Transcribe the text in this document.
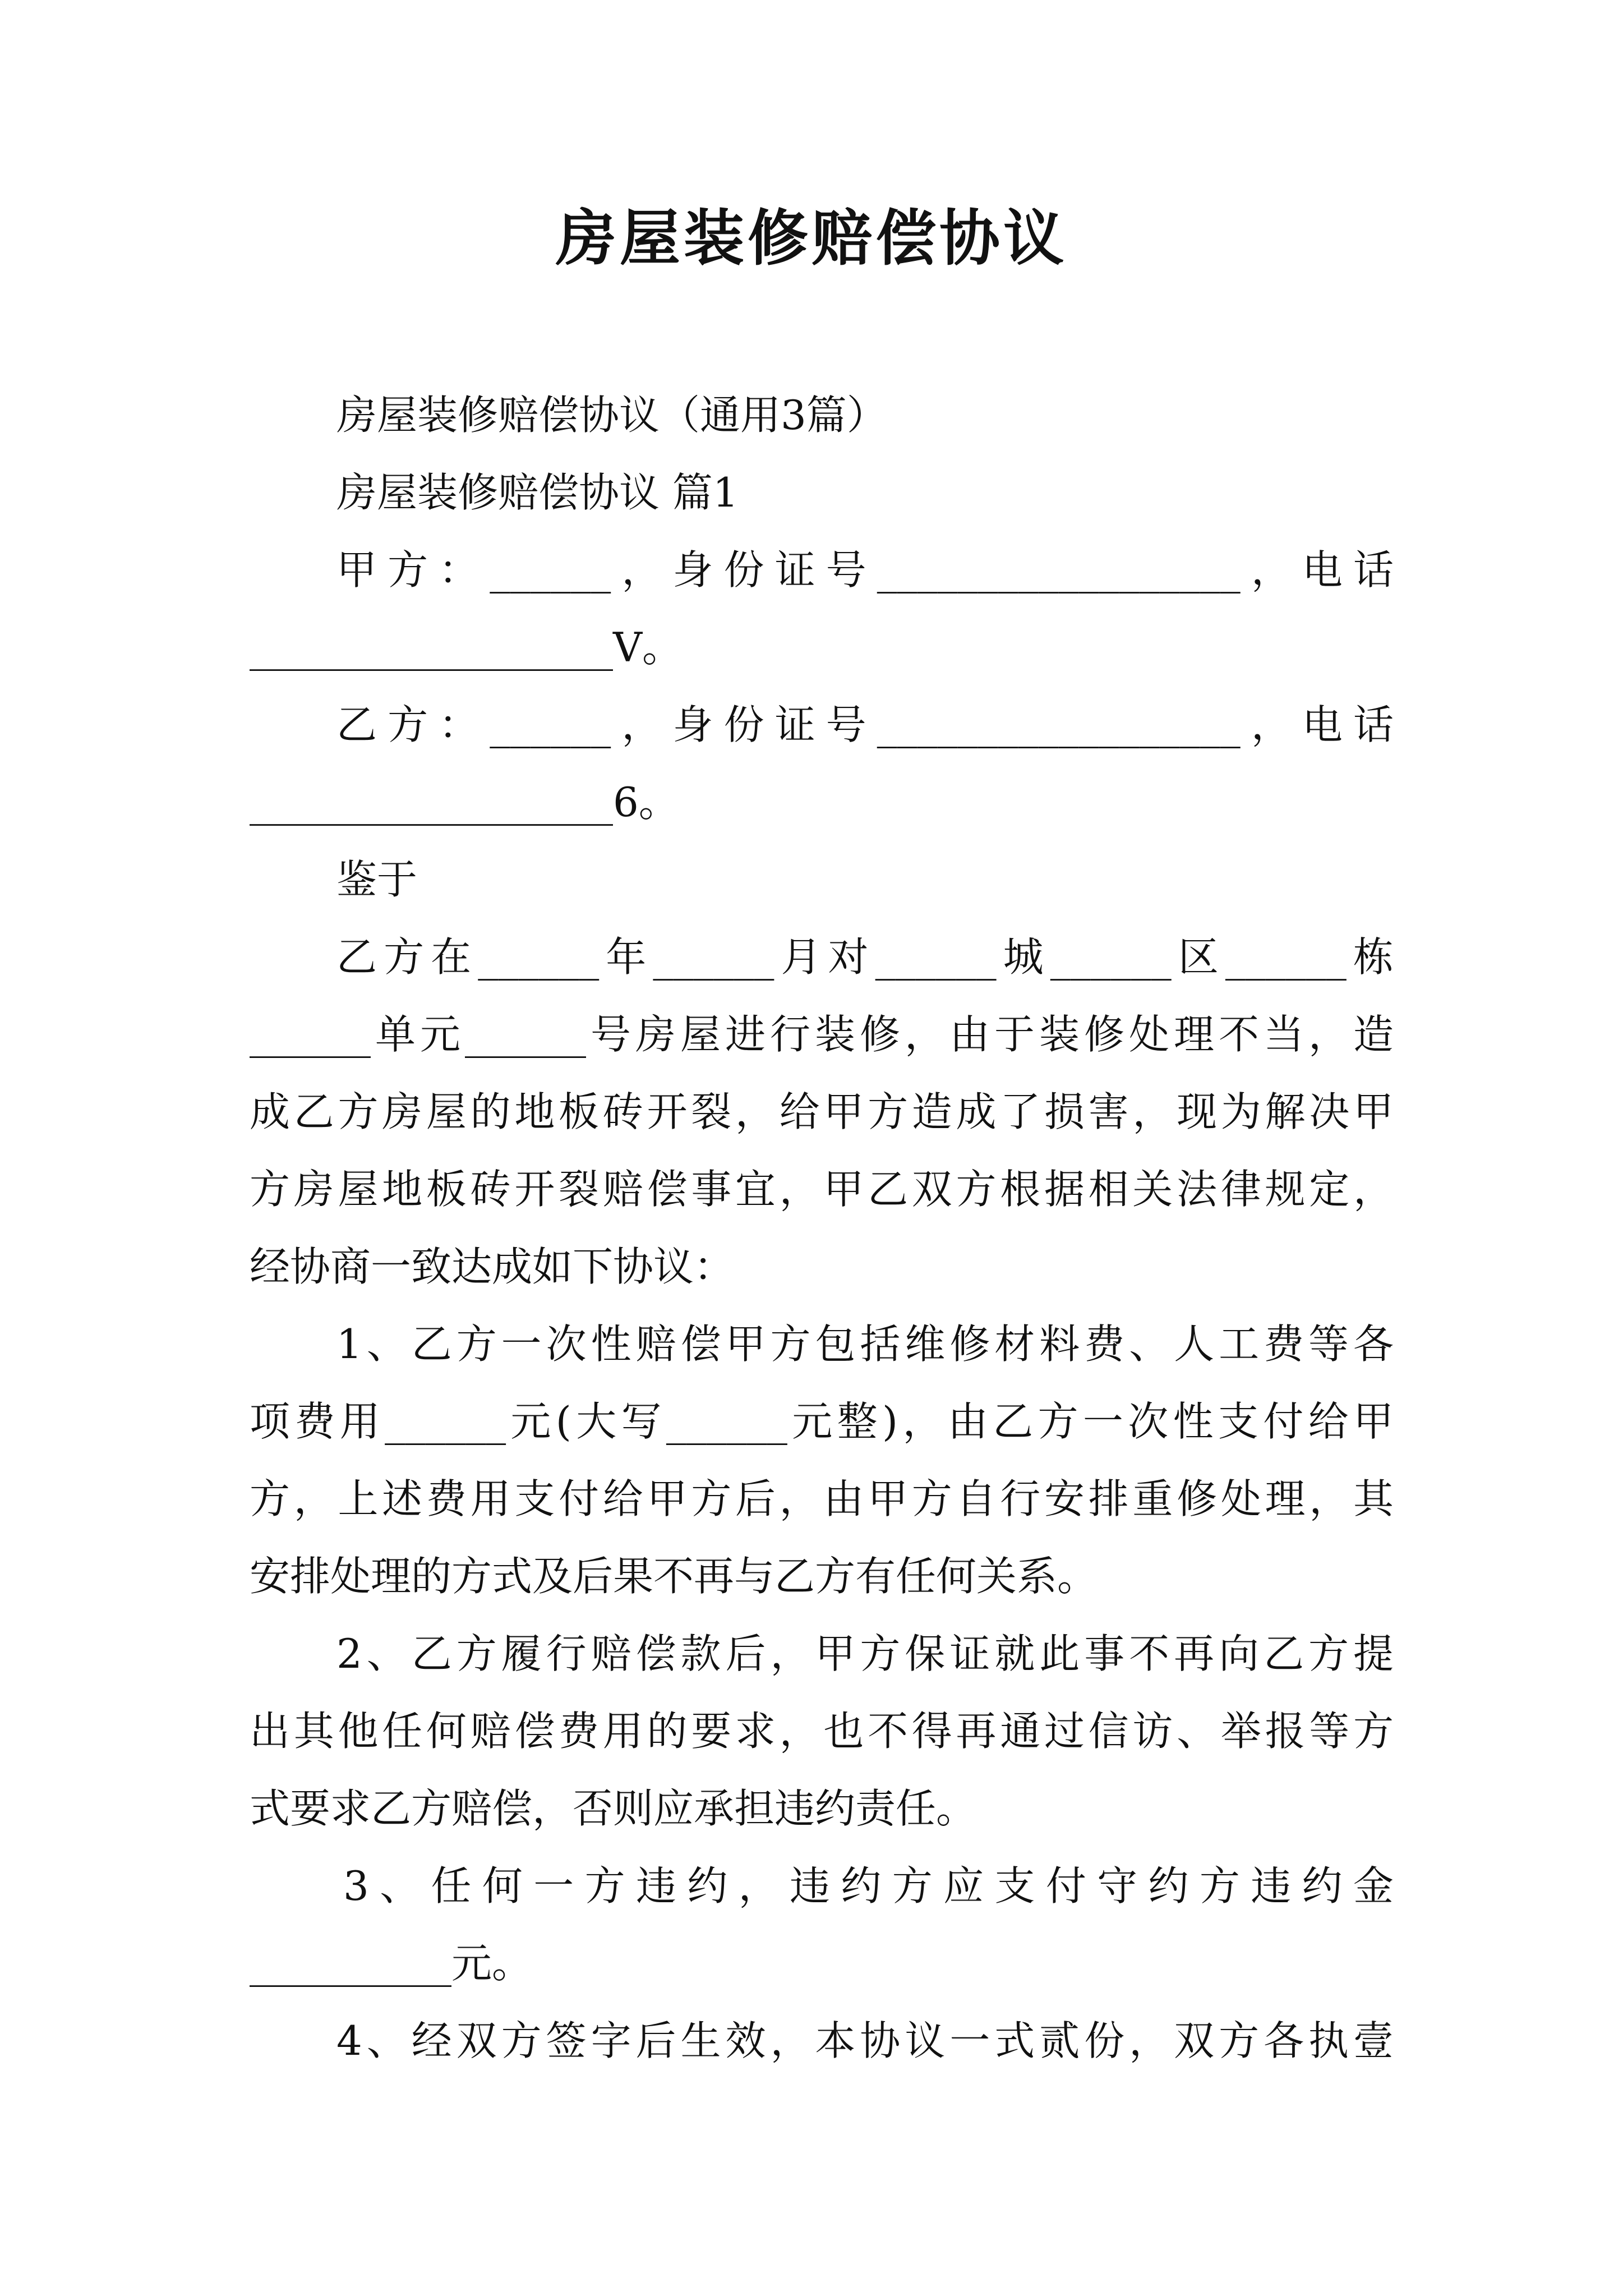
房屋装修赔偿协议
房屋装修赔偿协议（通用3篇）
房屋装修赔偿协议 篇1
甲方：______，身份证号__________________，电话
__________________V。
乙方：______，身份证号__________________，电话
__________________6。
鉴于
乙方在______年______月对______城______区______栋
______单元______号房屋进行装修，由于装修处理不当，造
成乙方房屋的地板砖开裂，给甲方造成了损害，现为解决甲
方房屋地板砖开裂赔偿事宜，甲乙双方根据相关法律规定，
经协商一致达成如下协议：
1、乙方一次性赔偿甲方包括维修材料费、人工费等各
项费用______元(大写______元整)，由乙方一次性支付给甲
方，上述费用支付给甲方后，由甲方自行安排重修处理，其
安排处理的方式及后果不再与乙方有任何关系。
2、乙方履行赔偿款后，甲方保证就此事不再向乙方提
出其他任何赔偿费用的要求，也不得再通过信访、举报等方
式要求乙方赔偿，否则应承担违约责任。
3、任何一方违约，违约方应支付守约方违约金
__________元。
4、经双方签字后生效，本协议一式贰份，双方各执壹
